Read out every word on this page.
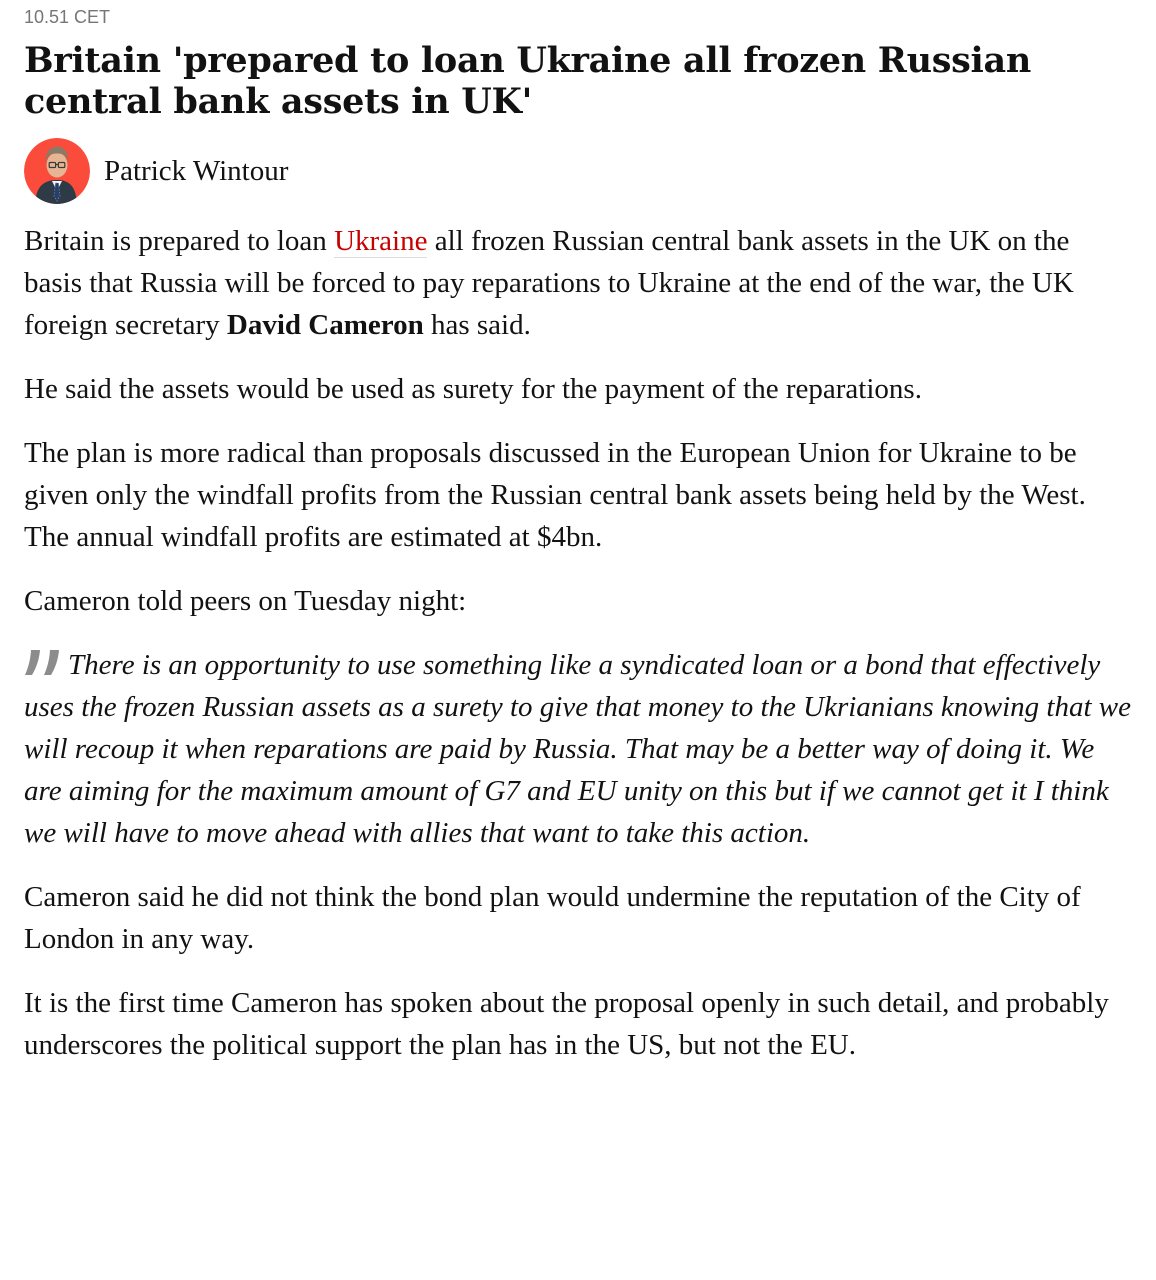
10.51 CET
Britain 'prepared to loan Ukraine all frozen Russian central bank assets in UK'
Patrick Wintour

Britain is prepared to loan Ukraine all frozen Russian central bank assets in the UK on the basis that Russia will be forced to pay reparations to Ukraine at the end of the war, the UK foreign secretary David Cameron has said.

He said the assets would be used as surety for the payment of the reparations.

The plan is more radical than proposals discussed in the European Union for Ukraine to be given only the windfall profits from the Russian central bank assets being held by the West. The annual windfall profits are estimated at $4bn.

Cameron told peers on Tuesday night:

There is an opportunity to use something like a syndicated loan or a bond that effectively uses the frozen Russian assets as a surety to give that money to the Ukrianians knowing that we will recoup it when reparations are paid by Russia. That may be a better way of doing it. We are aiming for the maximum amount of G7 and EU unity on this but if we cannot get it I think we will have to move ahead with allies that want to take this action.

Cameron said he did not think the bond plan would undermine the reputation of the City of London in any way.

It is the first time Cameron has spoken about the proposal openly in such detail, and probably underscores the political support the plan has in the US, but not the EU.
